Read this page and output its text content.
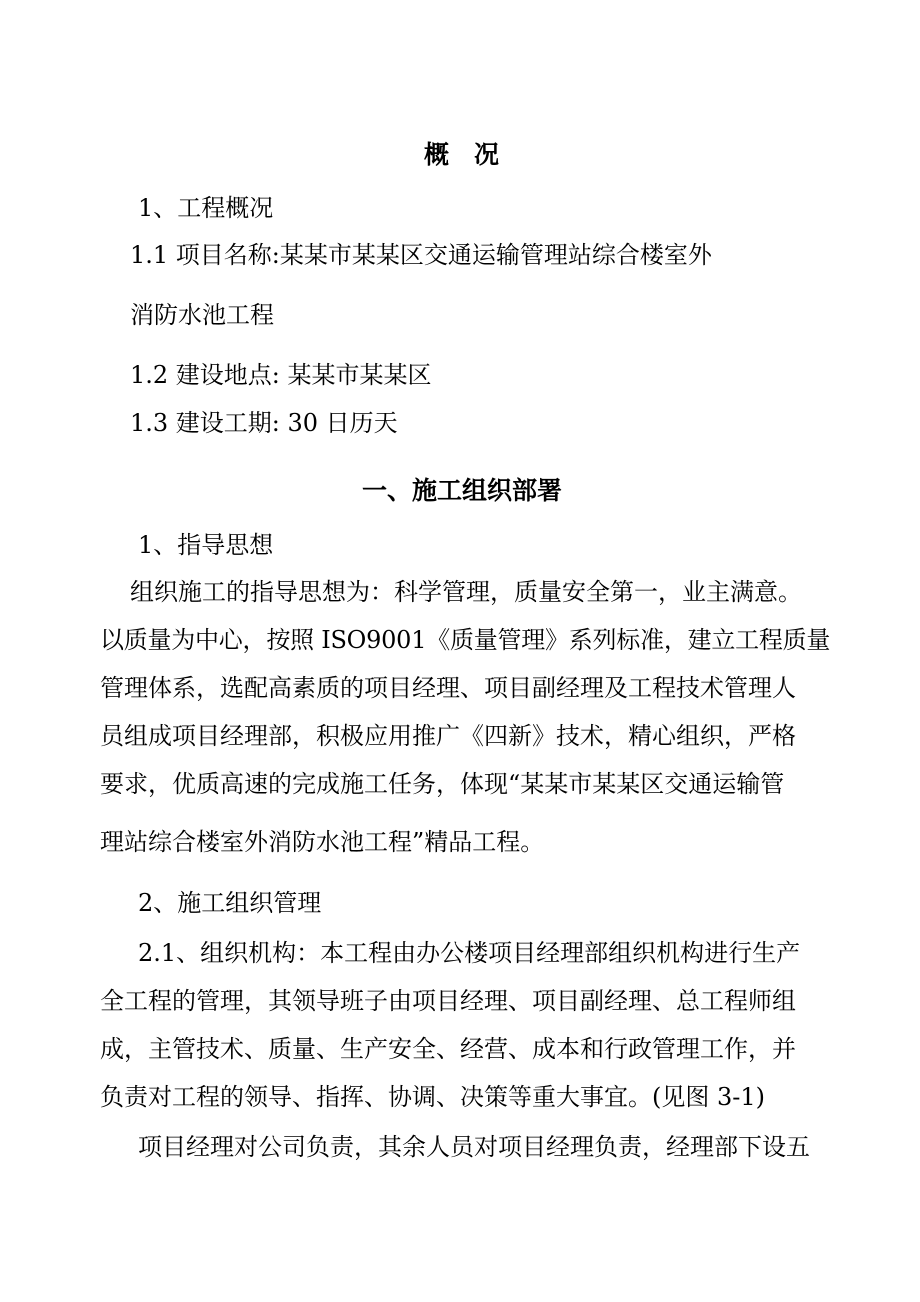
概　况
1、工程概况
1.1 项目名称:某某市某某区交通运输管理站综合楼室外
消防水池工程
1.2 建设地点: 某某市某某区
1.3 建设工期: 30 日历天
一、施工组织部署
1、指导思想
组织施工的指导思想为：科学管理，质量安全第一，业主满意。
以质量为中心，按照 ISO9001《质量管理》系列标准，建立工程质量
管理体系，选配高素质的项目经理、项目副经理及工程技术管理人
员组成项目经理部，积极应用推广《四新》技术，精心组织，严格
要求，优质高速的完成施工任务，体现“某某市某某区交通运输管
理站综合楼室外消防水池工程”精品工程。
2、施工组织管理
2.1、组织机构：本工程由办公楼项目经理部组织机构进行生产
全工程的管理，其领导班子由项目经理、项目副经理、总工程师组
成，主管技术、质量、生产安全、经营、成本和行政管理工作，并
负责对工程的领导、指挥、协调、决策等重大事宜。(见图 3-1)
项目经理对公司负责，其余人员对项目经理负责，经理部下设五
